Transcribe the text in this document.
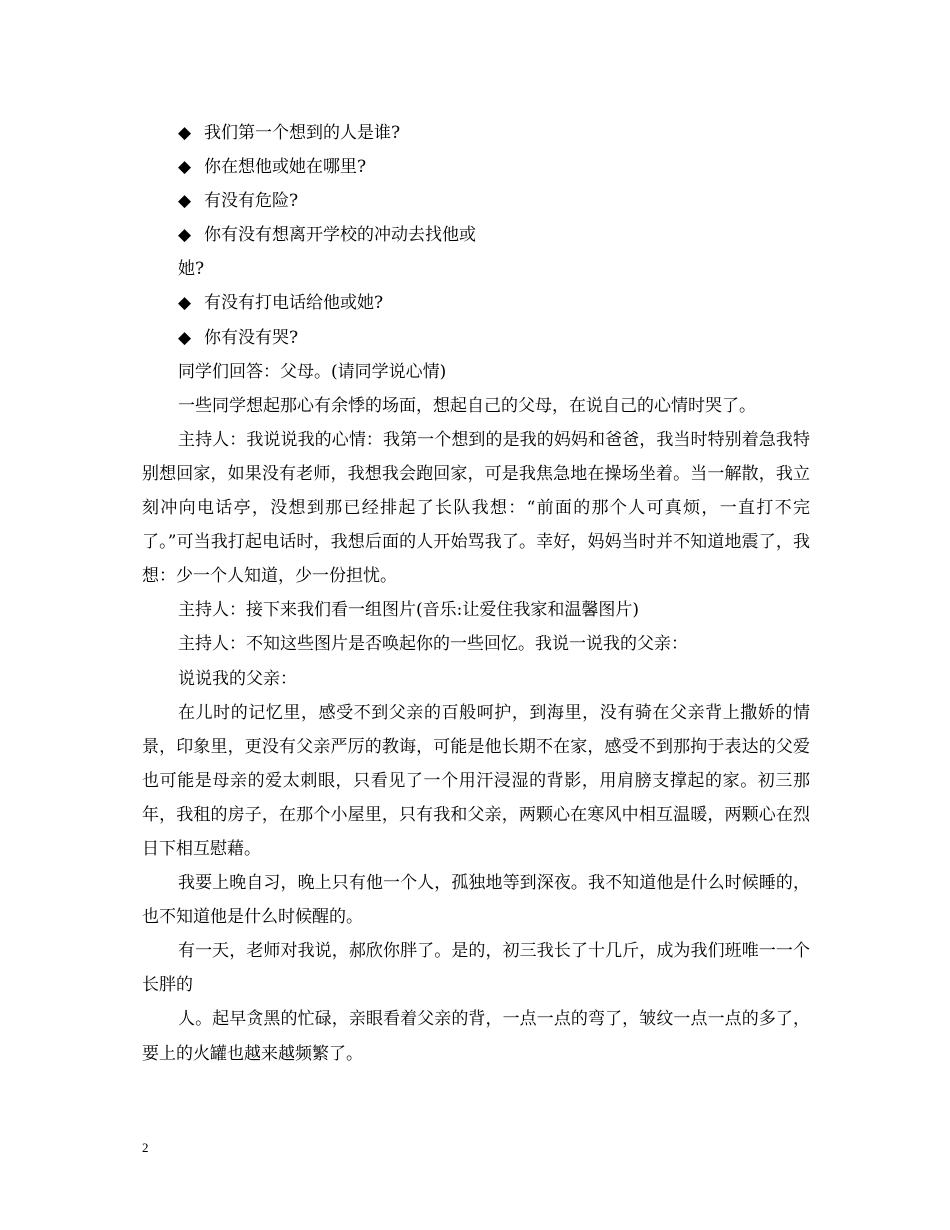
◆ 我们第一个想到的人是谁?
◆ 你在想他或她在哪里?
◆ 有没有危险?
◆ 你有没有想离开学校的冲动去找他或
她?
◆ 有没有打电话给他或她?
◆ 你有没有哭?
同学们回答：父母。(请同学说心情)
一些同学想起那心有余悸的场面，想起自己的父母，在说自己的心情时哭了。
主持人：我说说我的心情：我第一个想到的是我的妈妈和爸爸，我当时特别着急我特别想回家，如果没有老师，我想我会跑回家，可是我焦急地在操场坐着。当一解散，我立刻冲向电话亭，没想到那已经排起了长队我想：“前面的那个人可真烦，一直打不完了。”可当我打起电话时，我想后面的人开始骂我了。幸好，妈妈当时并不知道地震了，我想：少一个人知道，少一份担忧。
主持人：接下来我们看一组图片(音乐:让爱住我家和温馨图片)
主持人：不知这些图片是否唤起你的一些回忆。我说一说我的父亲：
说说我的父亲：
在儿时的记忆里，感受不到父亲的百般呵护，到海里，没有骑在父亲背上撒娇的情景，印象里，更没有父亲严厉的教诲，可能是他长期不在家，感受不到那拘于表达的父爱也可能是母亲的爱太刺眼，只看见了一个用汗浸湿的背影，用肩膀支撑起的家。初三那年，我租的房子，在那个小屋里，只有我和父亲，两颗心在寒风中相互温暖，两颗心在烈日下相互慰藉。
我要上晚自习，晚上只有他一个人，孤独地等到深夜。我不知道他是什么时候睡的，也不知道他是什么时候醒的。
有一天，老师对我说，郝欣你胖了。是的，初三我长了十几斤，成为我们班唯一一个长胖的
人。起早贪黑的忙碌，亲眼看着父亲的背，一点一点的弯了，皱纹一点一点的多了，要上的火罐也越来越频繁了。
2
